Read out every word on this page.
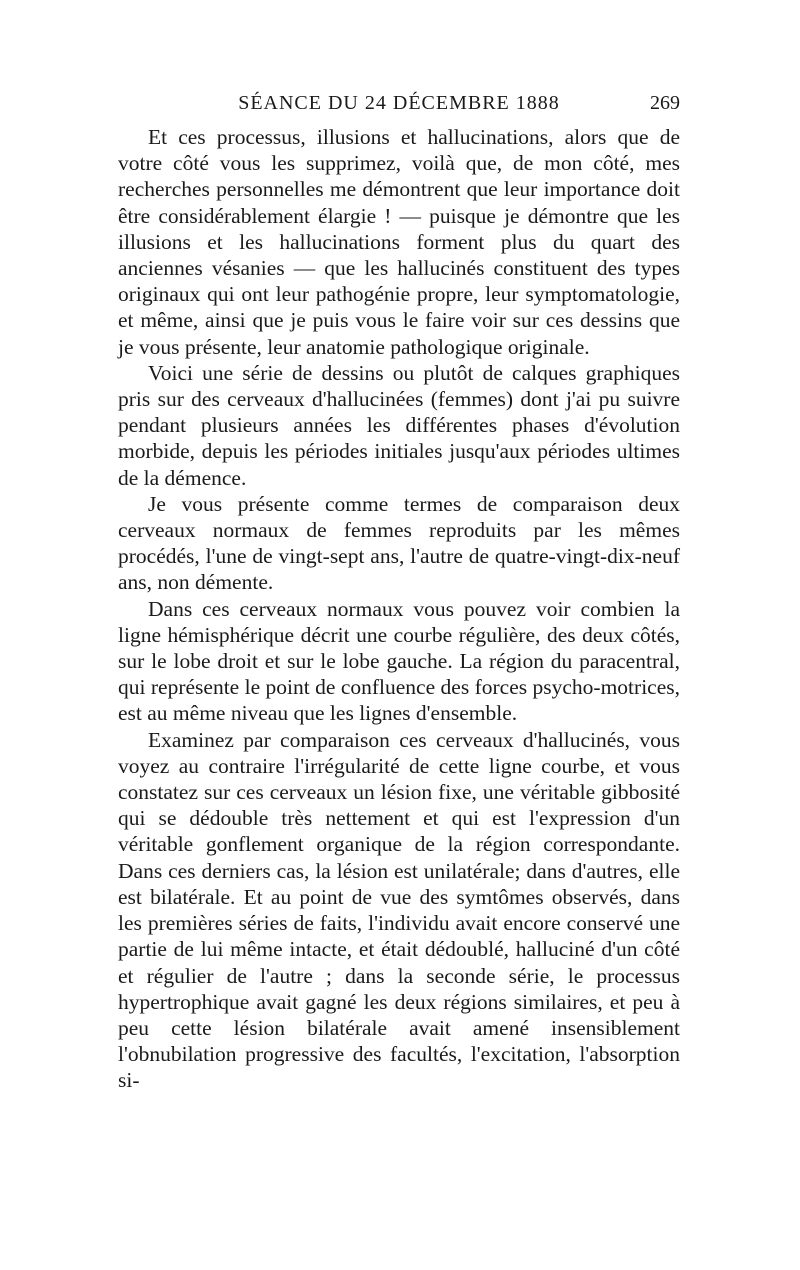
SÉANCE DU 24 DÉCEMBRE 1888	269

Et ces processus, illusions et hallucinations, alors que de votre côté vous les supprimez, voilà que, de mon côté, mes recherches personnelles me démontrent que leur importance doit être considérablement élargie ! — puisque je démontre que les illusions et les hallucinations forment plus du quart des anciennes vésanies — que les hallucinés constituent des types originaux qui ont leur pathogénie propre, leur symptomatologie, et même, ainsi que je puis vous le faire voir sur ces dessins que je vous présente, leur anatomie pathologique originale.

Voici une série de dessins ou plutôt de calques graphiques pris sur des cerveaux d'hallucinées (femmes) dont j'ai pu suivre pendant plusieurs années les différentes phases d'évolution morbide, depuis les périodes initiales jusqu'aux périodes ultimes de la démence.

Je vous présente comme termes de comparaison deux cerveaux normaux de femmes reproduits par les mêmes procédés, l'une de vingt-sept ans, l'autre de quatre-vingt-dix-neuf ans, non démente.

Dans ces cerveaux normaux vous pouvez voir combien la ligne hémisphérique décrit une courbe régulière, des deux côtés, sur le lobe droit et sur le lobe gauche. La région du paracentral, qui représente le point de confluence des forces psycho-motrices, est au même niveau que les lignes d'ensemble.

Examinez par comparaison ces cerveaux d'hallucinés, vous voyez au contraire l'irrégularité de cette ligne courbe, et vous constatez sur ces cerveaux un lésion fixe, une véritable gibbosité qui se dédouble très nettement et qui est l'expression d'un véritable gonflement organique de la région correspondante. Dans ces derniers cas, la lésion est unilatérale; dans d'autres, elle est bilatérale. Et au point de vue des symtômes observés, dans les premières séries de faits, l'individu avait encore conservé une partie de lui même intacte, et était dédoublé, halluciné d'un côté et régulier de l'autre ; dans la seconde série, le processus hypertrophique avait gagné les deux régions similaires, et peu à peu cette lésion bilatérale avait amené insensiblement l'obnubilation progressive des facultés, l'excitation, l'absorption si-
